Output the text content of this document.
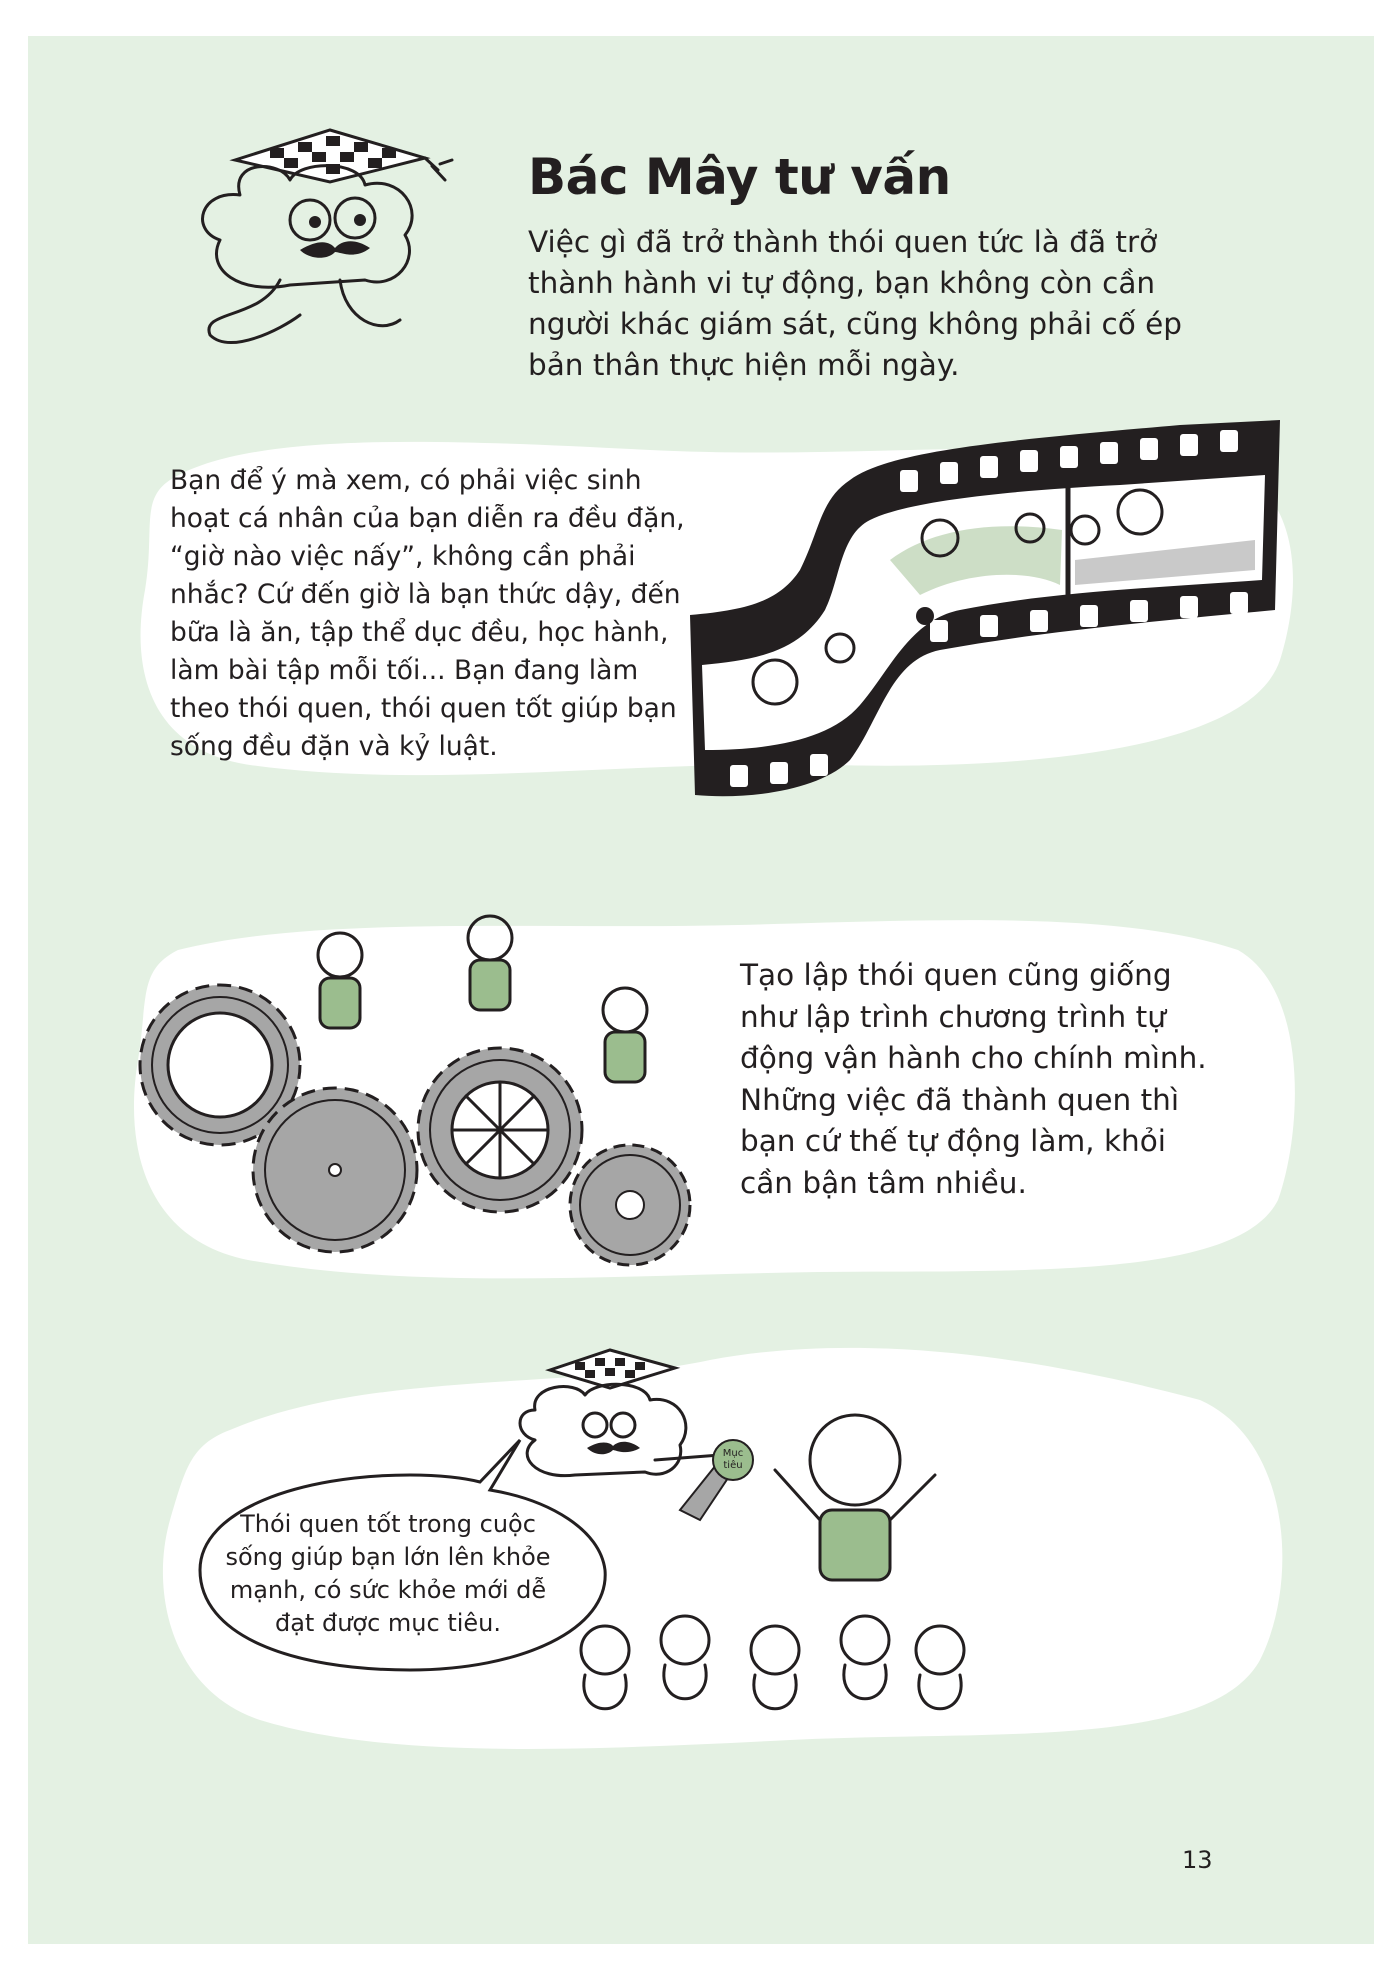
Bác Mây tư vấn

Việc gì đã trở thành thói quen tức là đã trở thành hành vi tự động, bạn không còn cần người khác giám sát, cũng không phải cố ép bản thân thực hiện mỗi ngày.

Bạn để ý mà xem, có phải việc sinh hoạt cá nhân của bạn diễn ra đều đặn, “giờ nào việc nấy”, không cần phải nhắc? Cứ đến giờ là bạn thức dậy, đến bữa là ăn, tập thể dục đều, học hành, làm bài tập mỗi tối... Bạn đang làm theo thói quen, thói quen tốt giúp bạn sống đều đặn và kỷ luật.

Tạo lập thói quen cũng giống như lập trình chương trình tự động vận hành cho chính mình. Những việc đã thành quen thì bạn cứ thế tự động làm, khỏi cần bận tâm nhiều.

Thói quen tốt trong cuộc sống giúp bạn lớn lên khỏe mạnh, có sức khỏe mới dễ đạt được mục tiêu.

Mục tiêu

13
